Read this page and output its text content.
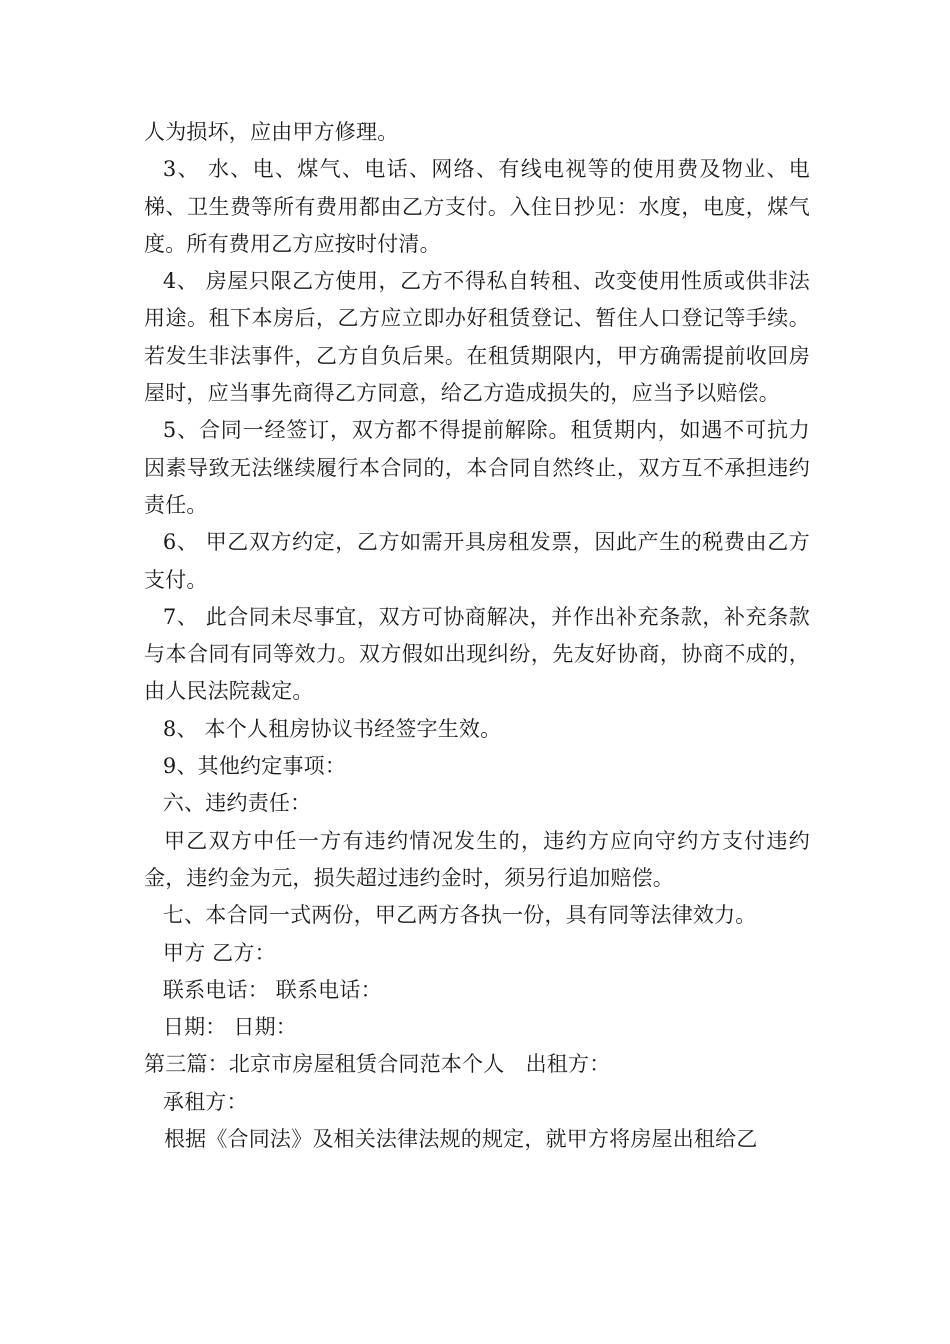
人为损坏，应由甲方修理。

3、 水、电、煤气、电话、网络、有线电视等的使用费及物业、电梯、卫生费等所有费用都由乙方支付。入住日抄见：水度，电度，煤气度。所有费用乙方应按时付清。

4、 房屋只限乙方使用，乙方不得私自转租、改变使用性质或供非法用途。租下本房后，乙方应立即办好租赁登记、暂住人口登记等手续。若发生非法事件，乙方自负后果。在租赁期限内，甲方确需提前收回房屋时，应当事先商得乙方同意，给乙方造成损失的，应当予以赔偿。

5、合同一经签订，双方都不得提前解除。租赁期内，如遇不可抗力因素导致无法继续履行本合同的，本合同自然终止，双方互不承担违约责任。

6、 甲乙双方约定，乙方如需开具房租发票，因此产生的税费由乙方支付。

7、 此合同未尽事宜，双方可协商解决，并作出补充条款，补充条款与本合同有同等效力。双方假如出现纠纷，先友好协商，协商不成的，由人民法院裁定。

8、 本个人租房协议书经签字生效。

9、其他约定事项：

六、违约责任：

甲乙双方中任一方有违约情况发生的，违约方应向守约方支付违约金，违约金为元，损失超过违约金时，须另行追加赔偿。

七、本合同一式两份，甲乙两方各执一份，具有同等法律效力。

甲方 乙方：

联系电话： 联系电话：

日期： 日期：

第三篇：北京市房屋租赁合同范本个人　出租方：

承租方：

根据《合同法》及相关法律法规的规定，就甲方将房屋出租给乙
